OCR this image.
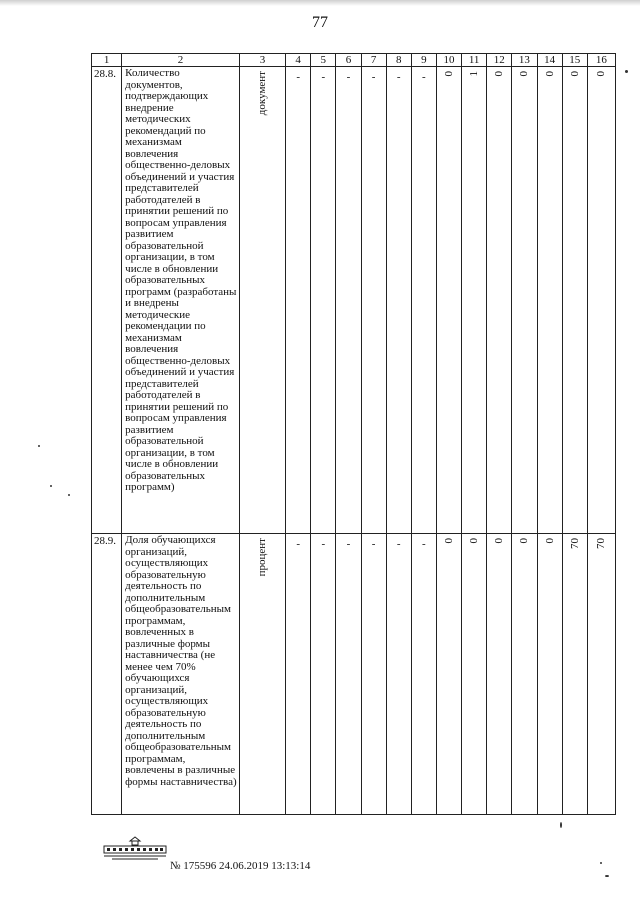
77
1	2	3	4	5	6	7	8	9	10	11	12	13	14	15	16
28.8.	Количество документов, подтверждающих внедрение методических рекомендаций по механизмам вовлечения общественно-деловых объединений и участия представителей работодателей в принятии решений по вопросам управления развитием образовательной организации, в том числе в обновлении образовательных программ (разработаны и внедрены методические рекомендации по механизмам вовлечения общественно-деловых объединений и участия представителей работодателей в принятии решений по вопросам управления развитием образовательной организации, в том числе в обновлении образовательных программ)	документ	-	-	-	-	-	-	0	1	0	0	0	0	0

28.9.	Доля обучающихся организаций, осуществляющих образовательную деятельность по дополнительным общеобразовательным программам, вовлеченных в различные формы наставничества (не менее чем 70% обучающихся организаций, осуществляющих образовательную деятельность по дополнительным общеобразовательным программам, вовлечены в различные формы наставничества)	процент	-	-	-	-	-	-	0	0	0	0	0	70	70
№ 175596 24.06.2019 13:13:14
